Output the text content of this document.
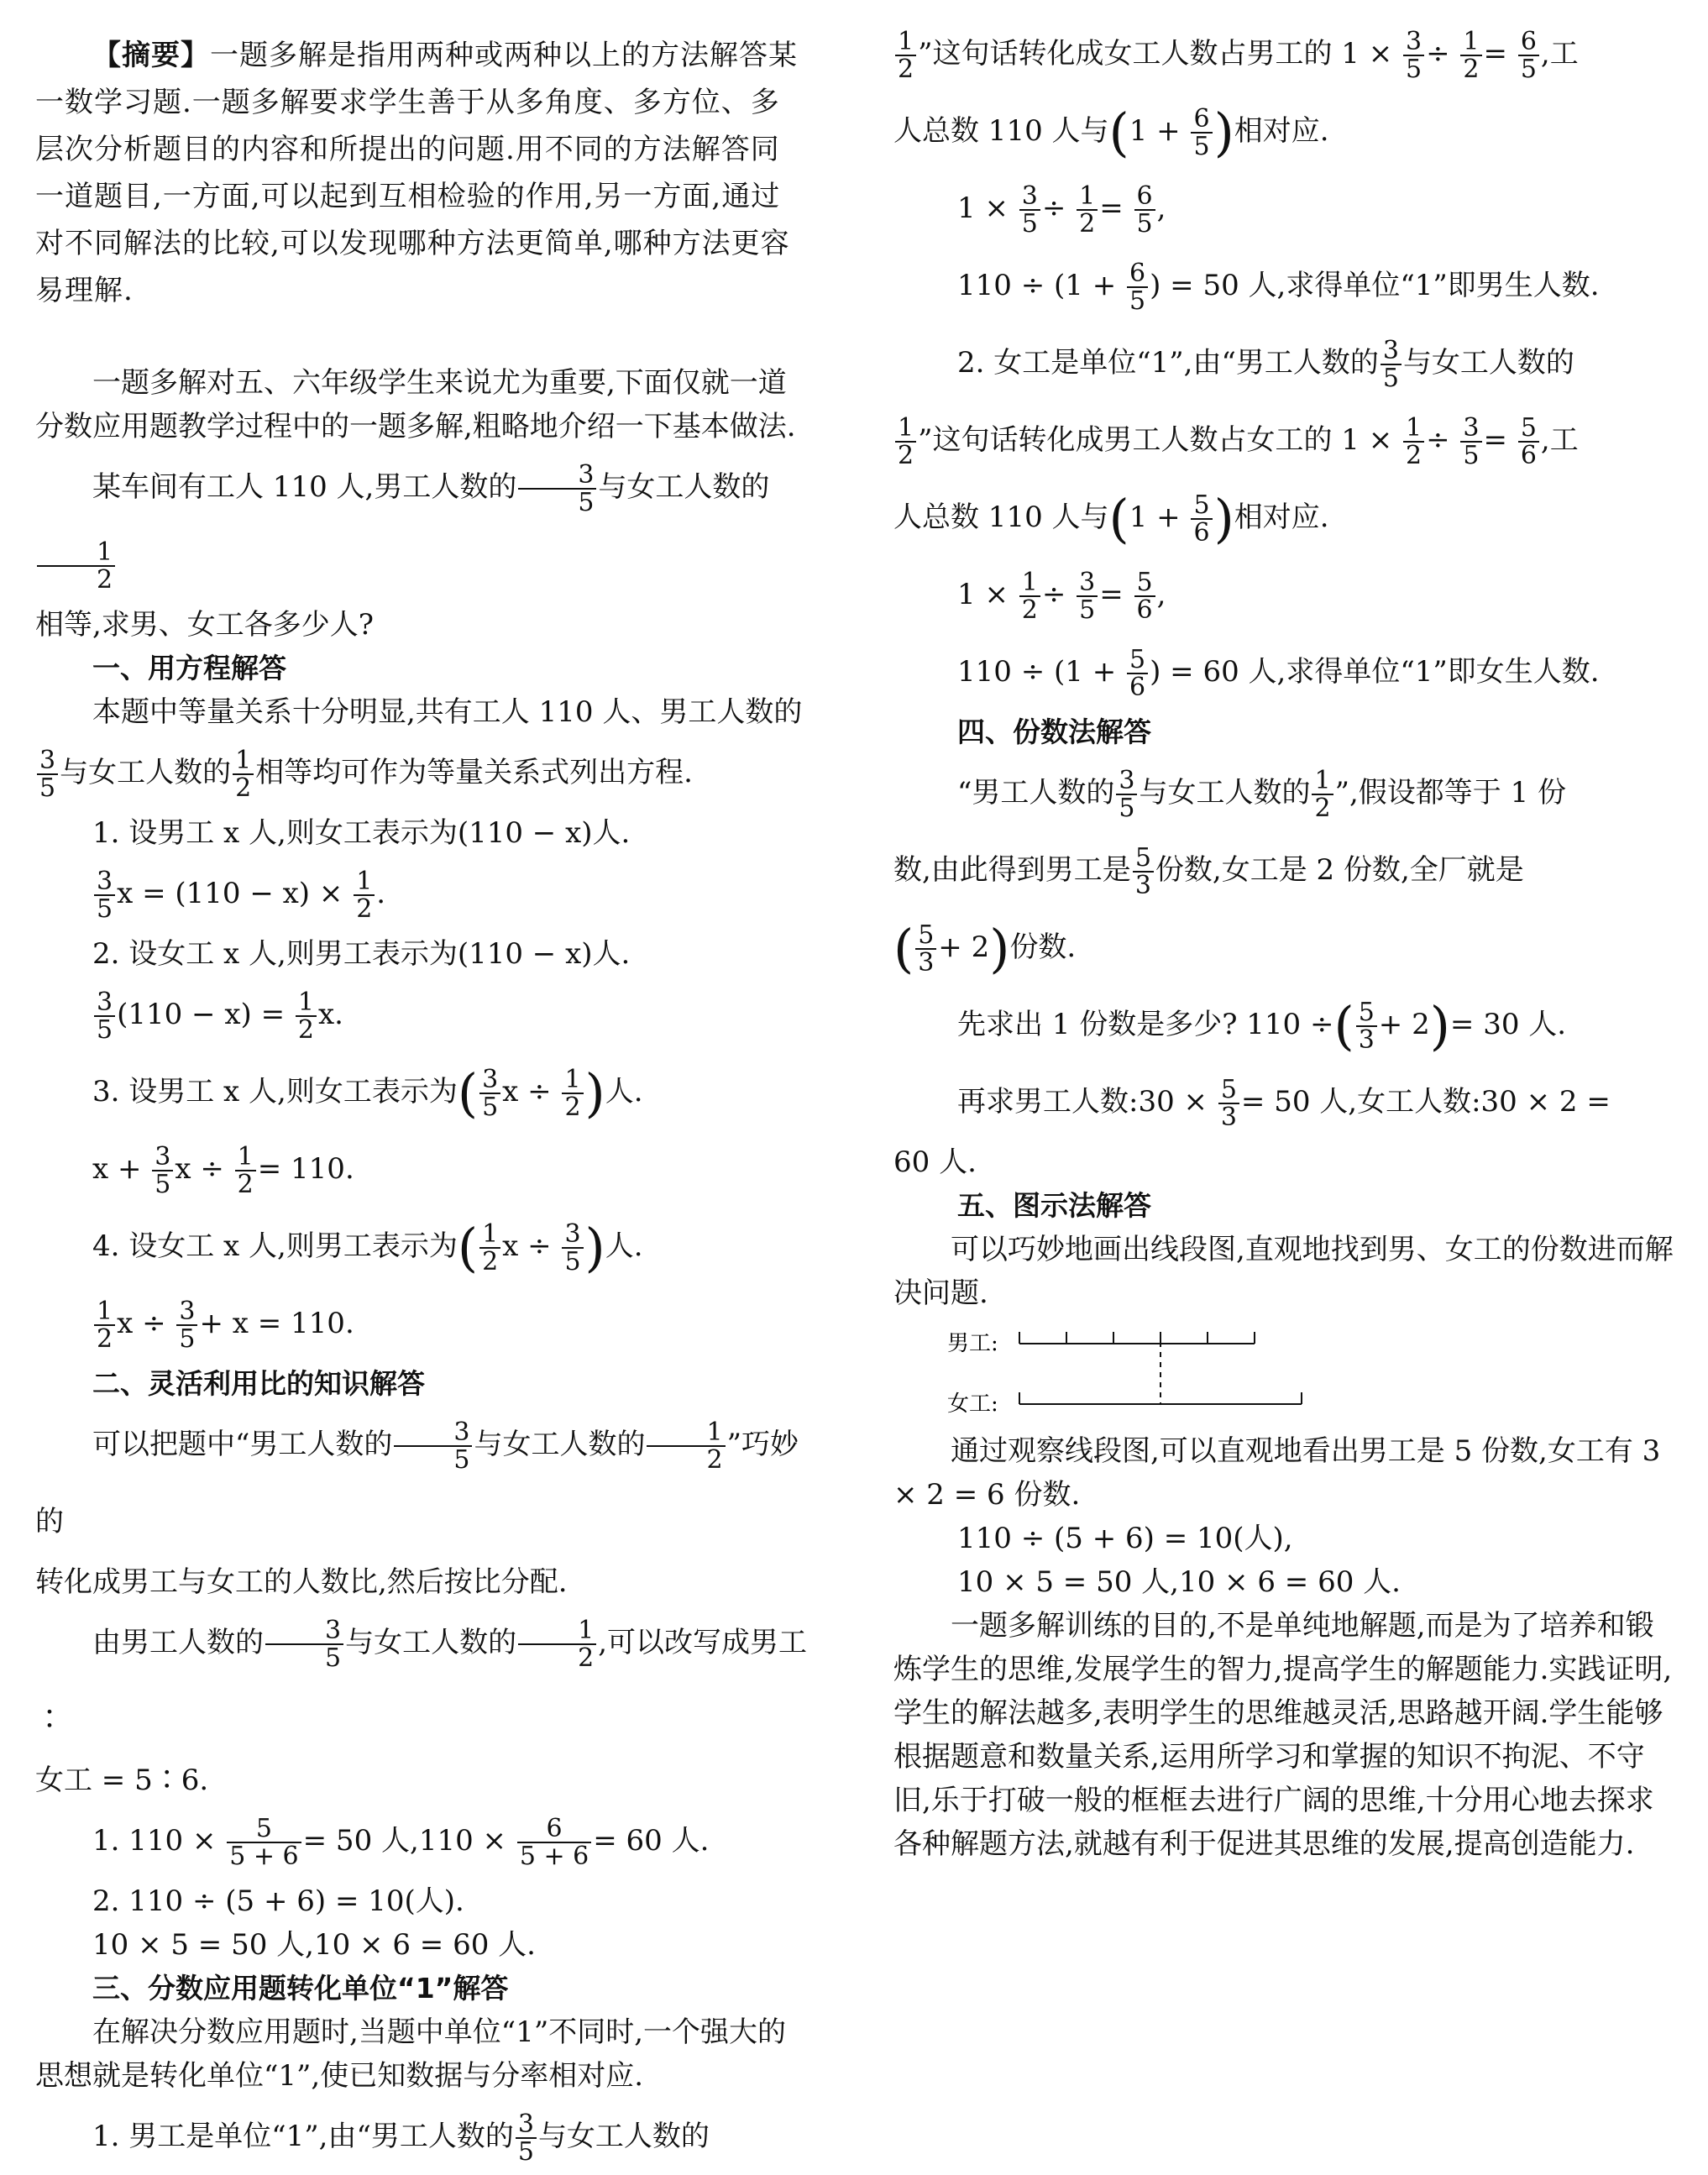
【摘要】一题多解是指用两种或两种以上的方法解答某一数学习题.一题多解要求学生善于从多角度、多方位、多层次分析题目的内容和所提出的问题.用不同的方法解答同一道题目,一方面,可以起到互相检验的作用,另一方面,通过对不同解法的比较,可以发现哪种方法更简单,哪种方法更容易理解.

一题多解对五、六年级学生来说尤为重要,下面仅就一道分数应用题教学过程中的一题多解,粗略地介绍一下基本做法.

某车间有工人 110 人,男工人数的 $\frac{3}{5}$ 与女工人数的
$\frac{1}{2}$

相等,求男、女工各多少人?

一、用方程解答

本题中等量关系十分明显,共有工人 110 人、男工人数的

$\frac{3}{5}$ 与女工人数的 $\frac{1}{2}$ 相等均可作为等量关系式列出方程.

1. 设男工 x 人,则女工表示为(110 − x)人.

$\frac{3}{5}$ $x = (110 - x) \times \frac{1}{2}$ .

2. 设女工 x 人,则男工表示为(110 − x)人.

$\frac{3}{5} (110 - x) = \frac{1}{2} x$.

3. 设男工 x 人,则女工表示为( $\frac{3}{5}$ $x \div \frac{1}{2}$ )人.

$x + \frac{3}{5}$ $x \div \frac{1}{2} = 110$.

4. 设女工 x 人,则男工表示为( $\frac{1}{2}$ $x \div \frac{3}{5}$ )人.

$\frac{1}{2}$ $x \div \frac{3}{5} + x = 110$.

二、灵活利用比的知识解答

可以把题中“男工人数的 $\frac{3}{5}$ 与女工人数的 $\frac{1}{2}$ ”巧妙的

转化成男工与女工的人数比,然后按比分配.

由男工人数的 $\frac{3}{5}$ 与女工人数的 $\frac{1}{2}$ ,可以改写成男工∶

女工 = 5∶6.

1. $110 \times \frac{5}{5 + 6} = 50$ 人$,110 \times \frac{6}{5 + 6} = 60$ 人.

2. 110 ÷ (5 + 6) = 10(人).

10 × 5 = 50 人,10 × 6 = 60 人.

三、分数应用题转化单位“1”解答

在解决分数应用题时,当题中单位“1”不同时,一个强大的思想就是转化单位“1”,使已知数据与分率相对应.

1. 男工是单位“1”,由“男工人数的 $\frac{3}{5}$ 与女工人数的

$\frac{1}{2}$ ”这句话转化成女工人数占男工的 $1 \times \frac{3}{5} \div \frac{1}{2} = \frac{6}{5}$ ,工

人总数 110 人与($1 + \frac{6}{5}$ )相对应.

$1 \times \frac{3}{5} \div \frac{1}{2} = \frac{6}{5}$ ,

$110 \div (1 + \frac{6}{5}$ ) = 50 人,求得单位“1”即男生人数.

2. 女工是单位“1”,由“男工人数的 $\frac{3}{5}$ 与女工人数的

$\frac{1}{2}$ ”这句话转化成男工人数占女工的 $1 \times \frac{1}{2} \div \frac{3}{5} = \frac{5}{6}$ ,工

人总数 110 人与($1 + \frac{5}{6}$ )相对应.

$1 \times \frac{1}{2} \div \frac{3}{5} = \frac{5}{6}$ ,

$110 \div (1 + \frac{5}{6}$ ) = 60 人,求得单位“1”即女生人数.

四、份数法解答

“男工人数的 $\frac{3}{5}$ 与女工人数的 $\frac{1}{2}$ ”,假设都等于 1 份

数,由此得到男工是 $\frac{5}{3}$ 份数,女工是 2 份数,全厂就是

( $\frac{5}{3} + 2$)份数.

先求出 1 份数是多少? 110 ÷( $\frac{5}{3} + 2)= 30$ 人.

再求男工人数:30 × $\frac{5}{3} = 50$ 人,女工人数:30 × 2 =

60 人.

五、图示法解答

可以巧妙地画出线段图,直观地找到男、女工的份数进而解决问题.

男工:
女工:

通过观察线段图,可以直观地看出男工是 5 份数,女工有 3 × 2 = 6 份数.

110 ÷ (5 + 6) = 10(人),

10 × 5 = 50 人,10 × 6 = 60 人.

一题多解训练的目的,不是单纯地解题,而是为了培养和锻炼学生的思维,发展学生的智力,提高学生的解题能力.实践证明,学生的解法越多,表明学生的思维越灵活,思路越开阔.学生能够根据题意和数量关系,运用所学习和掌握的知识不拘泥、不守旧,乐于打破一般的框框去进行广阔的思维,十分用心地去探求各种解题方法,就越有利于促进其思维的发展,提高创造能力.
